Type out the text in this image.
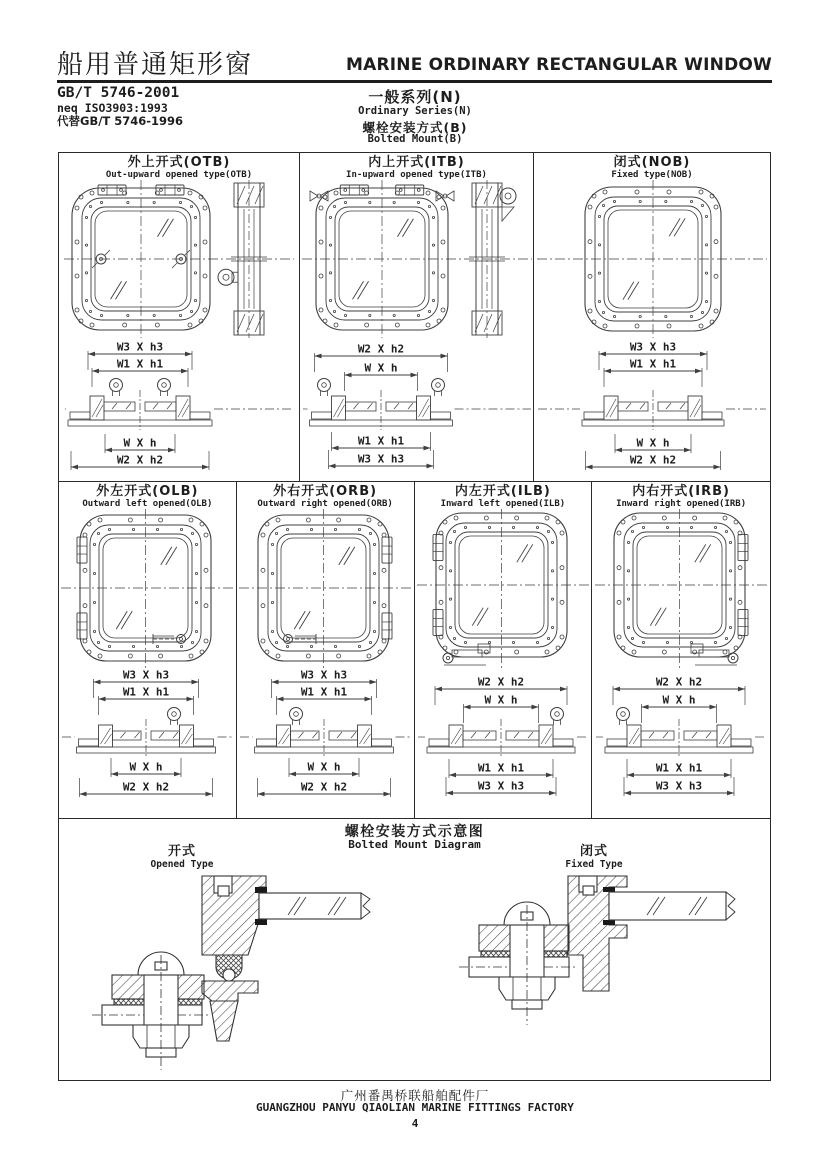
船用普通矩形窗	MARINE ORDINARY RECTANGULAR WINDOW
GB/T 5746-2001
neq ISO3903:1993
代替GB/T 5746-1996
一般系列(N)
Ordinary Series(N)
螺栓安装方式(B)
Bolted Mount(B)
外上开式(OTB)
Out-upward opened type(OTB)
W3 X h3
W1 X h1
W X h
W2 X h2
内上开式(ITB)
In-upward opened type(ITB)
W2 X h2
W X h
W1 X h1
W3 X h3
闭式(NOB)
Fixed type(NOB)
W3 X h3
W1 X h1
W X h
W2 X h2
外左开式(OLB)
Outward left opened(OLB)
W3 X h3
W1 X h1
W X h
W2 X h2
外右开式(ORB)
Outward right opened(ORB)
W3 X h3
W1 X h1
W X h
W2 X h2
内左开式(ILB)
Inward left opened(ILB)
W2 X h2
W X h
W1 X h1
W3 X h3
内右开式(IRB)
Inward right opened(IRB)
W2 X h2
W X h
W1 X h1
W3 X h3
螺栓安装方式示意图
Bolted Mount Diagram
开式
Opened Type
闭式
Fixed Type
广州番禺桥联船舶配件厂
GUANGZHOU PANYU QIAOLIAN MARINE FITTINGS FACTORY
4
